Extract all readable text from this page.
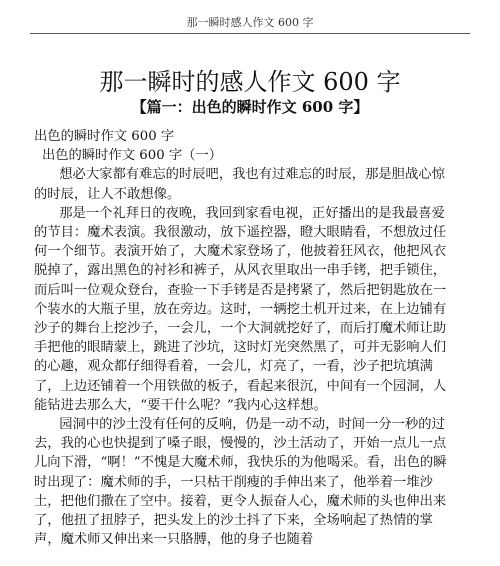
那一瞬时感人作文 600 字
那一瞬时的感人作文 600 字
【篇一：出色的瞬时作文 600 字】

出色的瞬时作文 600 字

出色的瞬时作文 600 字（一）

想必大家都有难忘的时辰吧，我也有过难忘的时辰，那是胆战心惊的时辰，让人不敢想像。

那是一个礼拜日的夜晚，我回到家看电视，正好播出的是我最喜爱的节目：魔术表演。我很激动，放下遥控器，瞪大眼睛看，不想放过任何一个细节。表演开始了，大魔术家登场了，他披着狂风衣，他把风衣脱掉了，露出黑色的衬衫和裤子，从风衣里取出一串手铐，把手锁住，而后叫一位观众登台，查验一下手铐是否是拷紧了，然后把钥匙放在一个装水的大瓶子里，放在旁边。这时，一辆挖土机开过来，在上边铺有沙子的舞台上挖沙子，一会儿，一个大洞就挖好了，而后打魔术师让助手把他的眼睛蒙上，跳进了沙坑，这时灯光突然黑了，可并无影响人们的心趣，观众都仔细得看着，一会儿，灯亮了，一看，沙子把坑填满了，上边还铺着一个用铁做的板子，看起来很沉，中间有一个园洞，人能钻进去那么大，“要干什么呢？”我内心这样想。

园洞中的沙土没有任何的反响，仍是一动不动，时间一分一秒的过去，我的心也快提到了嗓子眼，慢慢的，沙土活动了，开始一点儿一点儿向下滑，“啊！”不愧是大魔术师，我快乐的为他喝采。看，出色的瞬时出现了：魔术师的手，一只枯干削瘦的手伸出来了，他举着一堆沙土，把他们撒在了空中。接着，更令人振奋人心，魔术师的头也伸出来了，他扭了扭脖子，把头发上的沙土抖了下来，全场响起了热情的掌声，魔术师又伸出来一只胳膊，他的身子也随着
